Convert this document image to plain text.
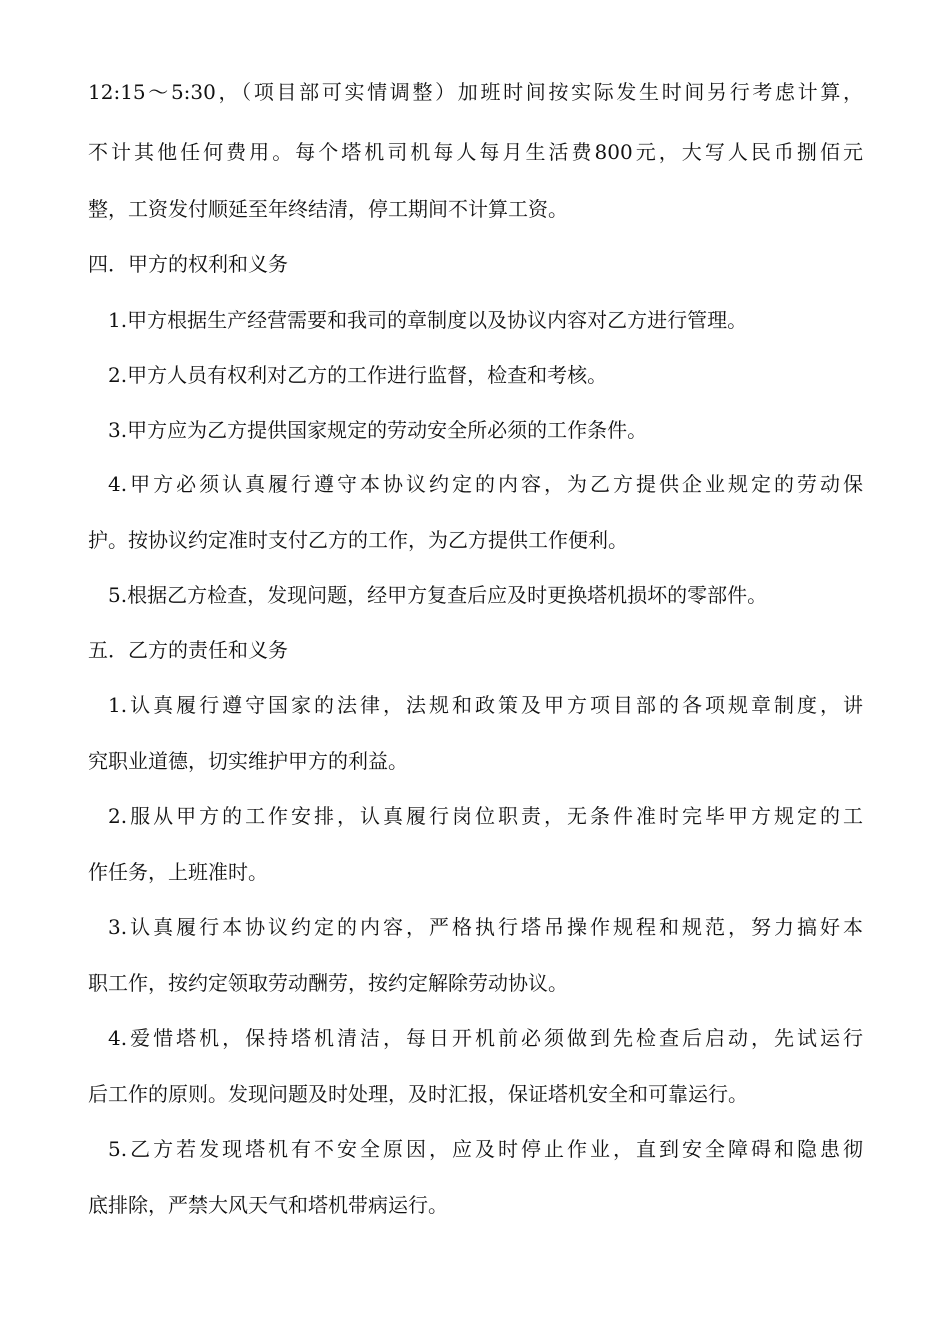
12:15～5:30，（项目部可实情调整）加班时间按实际发生时间另行考虑计算，
不计其他任何费用。每个塔机司机每人每月生活费800元，大写人民币捌佰元
整，工资发付顺延至年终结清，停工期间不计算工资。
四．甲方的权利和义务
1.甲方根据生产经营需要和我司的章制度以及协议内容对乙方进行管理。
2.甲方人员有权利对乙方的工作进行监督，检查和考核。
3.甲方应为乙方提供国家规定的劳动安全所必须的工作条件。
4.甲方必须认真履行遵守本协议约定的内容，为乙方提供企业规定的劳动保
护。按协议约定准时支付乙方的工作，为乙方提供工作便利。
5.根据乙方检查，发现问题，经甲方复查后应及时更换塔机损坏的零部件。
五．乙方的责任和义务
1.认真履行遵守国家的法律，法规和政策及甲方项目部的各项规章制度，讲
究职业道德，切实维护甲方的利益。
2.服从甲方的工作安排，认真履行岗位职责，无条件准时完毕甲方规定的工
作任务，上班准时。
3.认真履行本协议约定的内容，严格执行塔吊操作规程和规范，努力搞好本
职工作，按约定领取劳动酬劳，按约定解除劳动协议。
4.爱惜塔机，保持塔机清洁，每日开机前必须做到先检查后启动，先试运行
后工作的原则。发现问题及时处理，及时汇报，保证塔机安全和可靠运行。
5.乙方若发现塔机有不安全原因，应及时停止作业，直到安全障碍和隐患彻
底排除，严禁大风天气和塔机带病运行。
